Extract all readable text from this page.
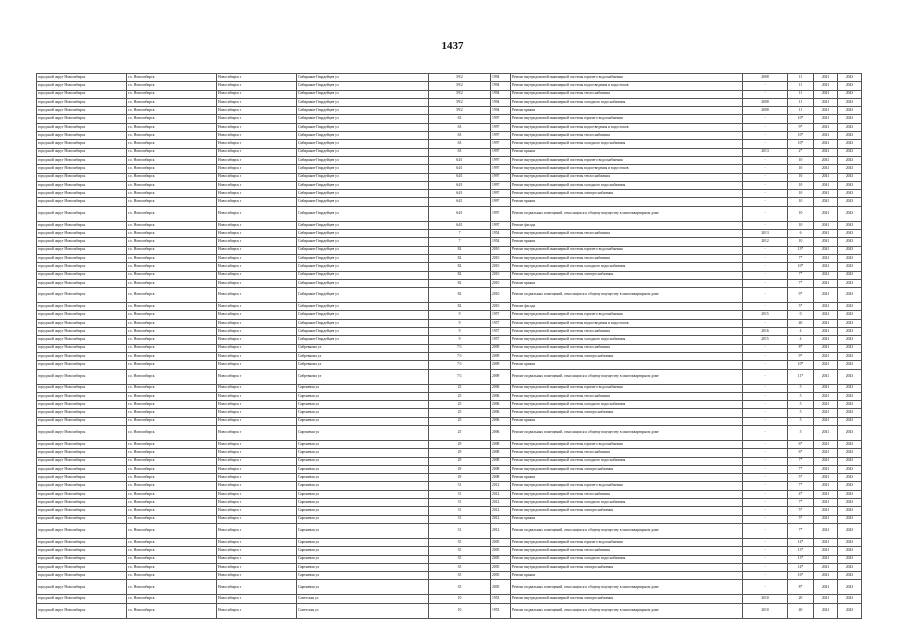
1437
городской округ Новосибирск	г.о. Новосибирск	Новосибирск г	Сибиряков-Гвардейцев ул	59/2	1994	Ремонт внутридомовой инженерной системы горячего водоснабжения	2008	11	2041	2043
городской округ Новосибирск	г.о. Новосибирск	Новосибирск г	Сибиряков-Гвардейцев ул	59/2	1994	Ремонт внутридомовой инженерной системы водоотведения и водостоков	-	11	2041	2043
городской округ Новосибирск	г.о. Новосибирск	Новосибирск г	Сибиряков-Гвардейцев ул	59/2	1994	Ремонт внутридомовой инженерной системы теплоснабжения	-	11	2041	2043
городской округ Новосибирск	г.о. Новосибирск	Новосибирск г	Сибиряков-Гвардейцев ул	59/2	1994	Ремонт внутридомовой инженерной системы холодного водоснабжения	2008	11	2041	2043
городской округ Новосибирск	г.о. Новосибирск	Новосибирск г	Сибиряков-Гвардейцев ул	59/2	1994	Ремонт крыши	2008	11	2041	2043
городской округ Новосибирск	г.о. Новосибирск	Новосибирск г	Сибиряков-Гвардейцев ул	63	1997	Ремонт внутридомовой инженерной системы горячего водоснабжения	-	10*	2041	2043
городской округ Новосибирск	г.о. Новосибирск	Новосибирск г	Сибиряков-Гвардейцев ул	63	1997	Ремонт внутридомовой инженерной системы водоотведения и водостоков	-	9*	2041	2043
городской округ Новосибирск	г.о. Новосибирск	Новосибирск г	Сибиряков-Гвардейцев ул	63	1997	Ремонт внутридомовой инженерной системы теплоснабжения	-	10*	2041	2043
городской округ Новосибирск	г.о. Новосибирск	Новосибирск г	Сибиряков-Гвардейцев ул	63	1997	Ремонт внутридомовой инженерной системы холодного водоснабжения	-	10*	2041	2043
городской округ Новосибирск	г.о. Новосибирск	Новосибирск г	Сибиряков-Гвардейцев ул	63	1997	Ремонт крыши	2013	2*	2041	2043
городской округ Новосибирск	г.о. Новосибирск	Новосибирск г	Сибиряков-Гвардейцев ул	64/1	1997	Ремонт внутридомовой инженерной системы горячего водоснабжения	-	10	2041	2043
городской округ Новосибирск	г.о. Новосибирск	Новосибирск г	Сибиряков-Гвардейцев ул	64/1	1997	Ремонт внутридомовой инженерной системы водоотведения и водостоков	-	10	2041	2043
городской округ Новосибирск	г.о. Новосибирск	Новосибирск г	Сибиряков-Гвардейцев ул	64/1	1997	Ремонт внутридомовой инженерной системы теплоснабжения	-	10	2041	2043
городской округ Новосибирск	г.о. Новосибирск	Новосибирск г	Сибиряков-Гвардейцев ул	64/1	1997	Ремонт внутридомовой инженерной системы холодного водоснабжения	-	10	2041	2043
городской округ Новосибирск	г.о. Новосибирск	Новосибирск г	Сибиряков-Гвардейцев ул	64/1	1997	Ремонт внутридомовой инженерной системы электроснабжения	-	10	2041	2043
городской округ Новосибирск	г.о. Новосибирск	Новосибирск г	Сибиряков-Гвардейцев ул	64/1	1997	Ремонт крыши	-	10	2041	2043
городской округ Новосибирск	г.о. Новосибирск	Новосибирск г	Сибиряков-Гвардейцев ул	64/1	1997	Ремонт подвальных помещений, относящихся к общему имуществу в многоквартирном доме	-	10	2041	2043
городской округ Новосибирск	г.о. Новосибирск	Новосибирск г	Сибиряков-Гвардейцев ул	64/1	1997	Ремонт фасада	-	10	2041	2043
городской округ Новосибирск	г.о. Новосибирск	Новосибирск г	Сибиряков-Гвардейцев ул	7	1954	Ремонт внутридомовой инженерной системы теплоснабжения	2013	6	2041	2043
городской округ Новосибирск	г.о. Новосибирск	Новосибирск г	Сибиряков-Гвардейцев ул	7	1954	Ремонт крыши	2012	10	2041	2043
городской округ Новосибирск	г.о. Новосибирск	Новосибирск г	Сибиряков-Гвардейцев ул	82	2010	Ремонт внутридомовой инженерной системы горячего водоснабжения	-	13*	2041	2043
городской округ Новосибирск	г.о. Новосибирск	Новосибирск г	Сибиряков-Гвардейцев ул	82	2010	Ремонт внутридомовой инженерной системы теплоснабжения	-	7*	2041	2043
городской округ Новосибирск	г.о. Новосибирск	Новосибирск г	Сибиряков-Гвардейцев ул	82	2010	Ремонт внутридомовой инженерной системы холодного водоснабжения	-	10*	2041	2043
городской округ Новосибирск	г.о. Новосибирск	Новосибирск г	Сибиряков-Гвардейцев ул	82	2010	Ремонт внутридомовой инженерной системы электроснабжения	-	7*	2041	2043
городской округ Новосибирск	г.о. Новосибирск	Новосибирск г	Сибиряков-Гвардейцев ул	82	2010	Ремонт крыши	-	7*	2041	2043
городской округ Новосибирск	г.о. Новосибирск	Новосибирск г	Сибиряков-Гвардейцев ул	82	2010	Ремонт подвальных помещений, относящихся к общему имуществу в многоквартирном доме	-	9*	2041	2043
городской округ Новосибирск	г.о. Новосибирск	Новосибирск г	Сибиряков-Гвардейцев ул	82	2010	Ремонт фасада	-	5*	2041	2043
городской округ Новосибирск	г.о. Новосибирск	Новосибирск г	Сибиряков-Гвардейцев ул	9	1957	Ремонт внутридомовой инженерной системы горячего водоснабжения	2015	0	2041	2043
городской округ Новосибирск	г.о. Новосибирск	Новосибирск г	Сибиряков-Гвардейцев ул	9	1957	Ремонт внутридомовой инженерной системы водоотведения и водостоков	-	40	2041	2043
городской округ Новосибирск	г.о. Новосибирск	Новосибирск г	Сибиряков-Гвардейцев ул	9	1957	Ремонт внутридомовой инженерной системы теплоснабжения	2016	4	2041	2043
городской округ Новосибирск	г.о. Новосибирск	Новосибирск г	Сибиряков-Гвардейцев ул	9	1957	Ремонт внутридомовой инженерной системы холодного водоснабжения	2015	4	2041	2043
городской округ Новосибирск	г.о. Новосибирск	Новосибирск г	Сибревкома ул	7/1	2009	Ремонт внутридомовой инженерной системы теплоснабжения	-	8*	2041	2043
городской округ Новосибирск	г.о. Новосибирск	Новосибирск г	Сибревкома ул	7/1	2009	Ремонт внутридомовой инженерной системы электроснабжения	-	9*	2041	2043
городской округ Новосибирск	г.о. Новосибирск	Новосибирск г	Сибревкома ул	7/1	2009	Ремонт крыши	-	10*	2041	2043
городской округ Новосибирск	г.о. Новосибирск	Новосибирск г	Сибревкома ул	7/1	2009	Ремонт подвальных помещений, относящихся к общему имуществу в многоквартирном доме	-	11*	2041	2043
городской округ Новосибирск	г.о. Новосибирск	Новосибирск г	Сиреневая ул	25	2006	Ремонт внутридомовой инженерной системы горячего водоснабжения	-	5	2041	2043
городской округ Новосибирск	г.о. Новосибирск	Новосибирск г	Сиреневая ул	25	2006	Ремонт внутридомовой инженерной системы теплоснабжения	-	5	2041	2043
городской округ Новосибирск	г.о. Новосибирск	Новосибирск г	Сиреневая ул	25	2006	Ремонт внутридомовой инженерной системы холодного водоснабжения	-	5	2041	2043
городской округ Новосибирск	г.о. Новосибирск	Новосибирск г	Сиреневая ул	25	2006	Ремонт внутридомовой инженерной системы электроснабжения	-	5	2041	2043
городской округ Новосибирск	г.о. Новосибирск	Новосибирск г	Сиреневая ул	25	2006	Ремонт крыши	-	5	2041	2043
городской округ Новосибирск	г.о. Новосибирск	Новосибирск г	Сиреневая ул	25	2006	Ремонт подвальных помещений, относящихся к общему имуществу в многоквартирном доме	-	5	2041	2043
городской округ Новосибирск	г.о. Новосибирск	Новосибирск г	Сиреневая ул	29	2008	Ремонт внутридомовой инженерной системы горячего водоснабжения	-	6*	2041	2043
городской округ Новосибирск	г.о. Новосибирск	Новосибирск г	Сиреневая ул	29	2008	Ремонт внутридомовой инженерной системы теплоснабжения	-	6*	2041	2043
городской округ Новосибирск	г.о. Новосибирск	Новосибирск г	Сиреневая ул	29	2008	Ремонт внутридомовой инженерной системы холодного водоснабжения	-	7*	2041	2043
городской округ Новосибирск	г.о. Новосибирск	Новосибирск г	Сиреневая ул	29	2008	Ремонт внутридомовой инженерной системы электроснабжения	-	7*	2041	2043
городской округ Новосибирск	г.о. Новосибирск	Новосибирск г	Сиреневая ул	29	2008	Ремонт крыши	-	5*	2041	2043
городской округ Новосибирск	г.о. Новосибирск	Новосибирск г	Сиреневая ул	31	2012	Ремонт внутридомовой инженерной системы горячего водоснабжения	-	7*	2041	2043
городской округ Новосибирск	г.о. Новосибирск	Новосибирск г	Сиреневая ул	31	2012	Ремонт внутридомовой инженерной системы теплоснабжения	-	4*	2041	2043
городской округ Новосибирск	г.о. Новосибирск	Новосибирск г	Сиреневая ул	31	2012	Ремонт внутридомовой инженерной системы холодного водоснабжения	-	7*	2041	2043
городской округ Новосибирск	г.о. Новосибирск	Новосибирск г	Сиреневая ул	31	2012	Ремонт внутридомовой инженерной системы электроснабжения	-	5*	2041	2043
городской округ Новосибирск	г.о. Новосибирск	Новосибирск г	Сиреневая ул	31	2012	Ремонт крыши	-	5*	2041	2043
городской округ Новосибирск	г.о. Новосибирск	Новосибирск г	Сиреневая ул	31	2012	Ремонт подвальных помещений, относящихся к общему имуществу в многоквартирном доме	-	7*	2041	2043
городской округ Новосибирск	г.о. Новосибирск	Новосибирск г	Сиреневая ул	35	2005	Ремонт внутридомовой инженерной системы горячего водоснабжения	-	14*	2041	2043
городской округ Новосибирск	г.о. Новосибирск	Новосибирск г	Сиреневая ул	35	2005	Ремонт внутридомовой инженерной системы теплоснабжения	-	13*	2041	2043
городской округ Новосибирск	г.о. Новосибирск	Новосибирск г	Сиреневая ул	35	2005	Ремонт внутридомовой инженерной системы холодного водоснабжения	-	13*	2041	2043
городской округ Новосибирск	г.о. Новосибирск	Новосибирск г	Сиреневая ул	35	2005	Ремонт внутридомовой инженерной системы электроснабжения	-	14*	2041	2043
городской округ Новосибирск	г.о. Новосибирск	Новосибирск г	Сиреневая ул	35	2005	Ремонт крыши	-	16*	2041	2043
городской округ Новосибирск	г.о. Новосибирск	Новосибирск г	Сиреневая ул	35	2005	Ремонт подвальных помещений, относящихся к общему имуществу в многоквартирном доме	-	8*	2041	2043
городской округ Новосибирск	г.о. Новосибирск	Новосибирск г	Советская ул	10	1953	Ремонт внутридомовой инженерной системы электроснабжения	2010	20	2041	2043
городской округ Новосибирск	г.о. Новосибирск	Новосибирск г	Советская ул	10	1953	Ремонт подвальных помещений, относящихся к общему имуществу в многоквартирном доме	2010	40	2041	2043
